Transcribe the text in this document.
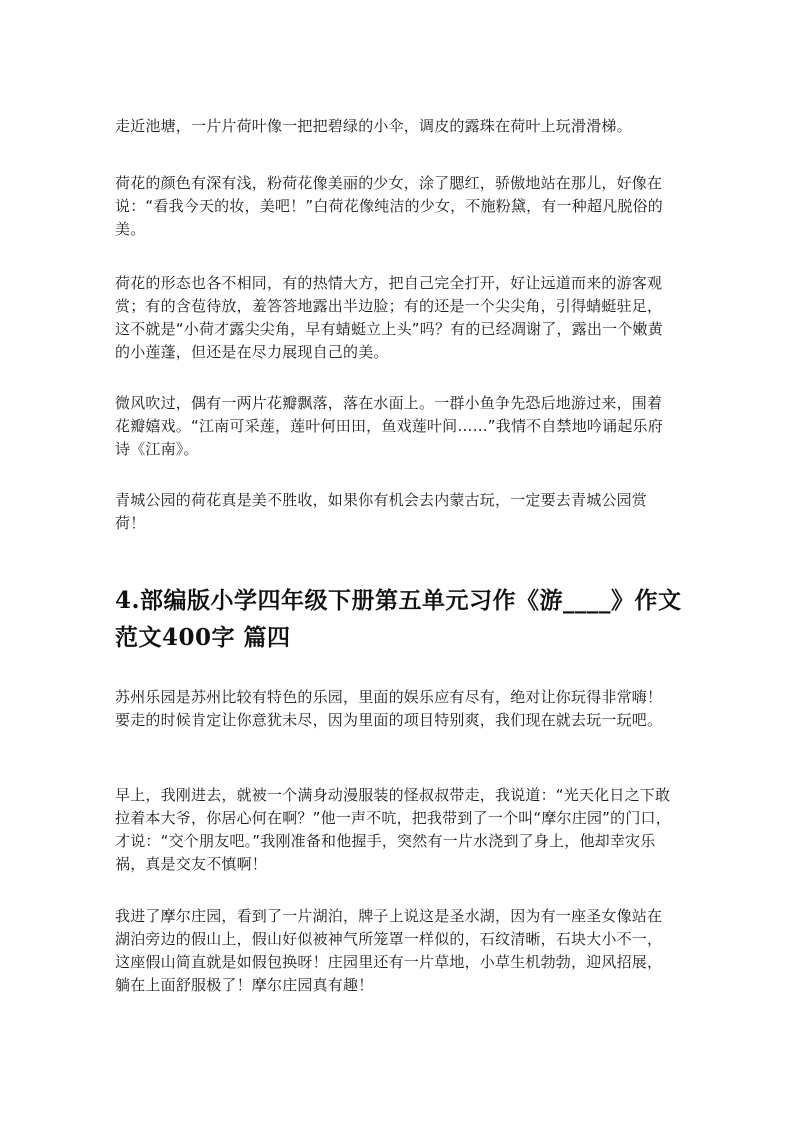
走近池塘，一片片荷叶像一把把碧绿的小伞，调皮的露珠在荷叶上玩滑滑梯。

荷花的颜色有深有浅，粉荷花像美丽的少女，涂了腮红，骄傲地站在那儿，好像在说：“看我今天的妆，美吧！”白荷花像纯洁的少女，不施粉黛，有一种超凡脱俗的美。

荷花的形态也各不相同，有的热情大方，把自己完全打开，好让远道而来的游客观赏；有的含苞待放，羞答答地露出半边脸；有的还是一个尖尖角，引得蜻蜓驻足，这不就是“小荷才露尖尖角，早有蜻蜓立上头”吗？有的已经凋谢了，露出一个嫩黄的小莲蓬，但还是在尽力展现自己的美。

微风吹过，偶有一两片花瓣飘落，落在水面上。一群小鱼争先恐后地游过来，围着花瓣嬉戏。“江南可采莲，莲叶何田田，鱼戏莲叶间……”我情不自禁地吟诵起乐府诗《江南》。

青城公园的荷花真是美不胜收，如果你有机会去内蒙古玩，一定要去青城公园赏荷！

4.部编版小学四年级下册第五单元习作《游____》作文范文400字 篇四

苏州乐园是苏州比较有特色的乐园，里面的娱乐应有尽有，绝对让你玩得非常嗨！要走的时候肯定让你意犹未尽，因为里面的项目特别爽，我们现在就去玩一玩吧。

早上，我刚进去，就被一个满身动漫服装的怪叔叔带走，我说道：“光天化日之下敢拉着本大爷，你居心何在啊？”他一声不吭，把我带到了一个叫“摩尔庄园”的门口，才说：“交个朋友吧。”我刚准备和他握手，突然有一片水浇到了身上，他却幸灾乐祸，真是交友不慎啊！

我进了摩尔庄园，看到了一片湖泊，牌子上说这是圣水湖，因为有一座圣女像站在湖泊旁边的假山上，假山好似被神气所笼罩一样似的，石纹清晰，石块大小不一，这座假山简直就是如假包换呀！庄园里还有一片草地，小草生机勃勃，迎风招展，躺在上面舒服极了！摩尔庄园真有趣！
